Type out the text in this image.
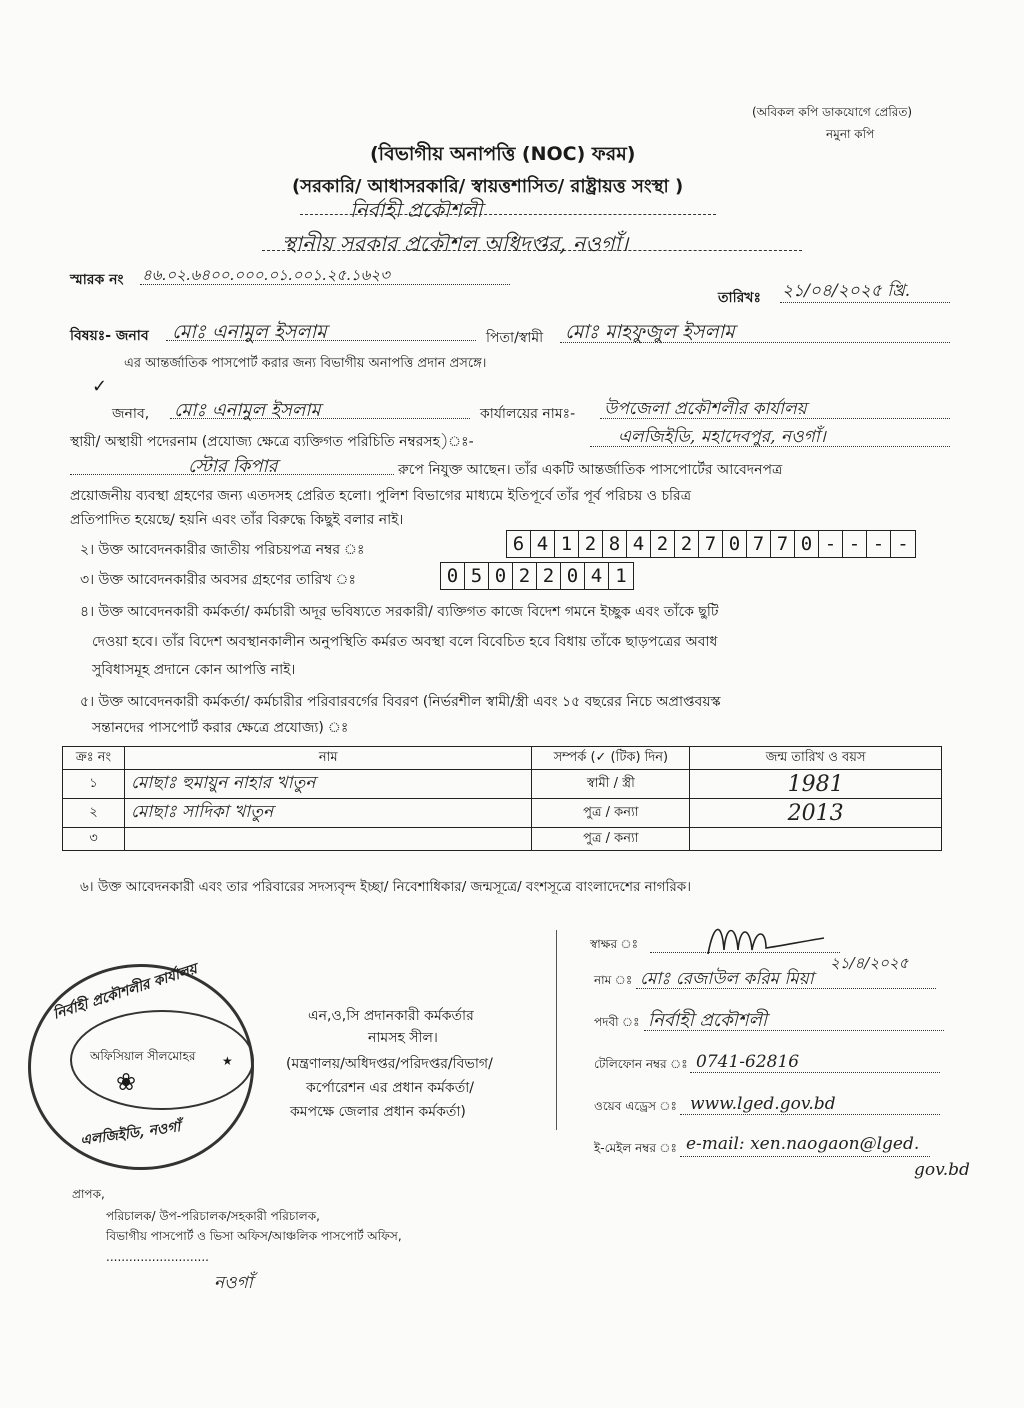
(অবিকল কপি ডাকযোগে প্রেরিত)
নমুনা কপি
(বিভাগীয় অনাপত্তি (NOC) ফরম)
(সরকারি/ আধাসরকারি/ স্বায়ত্তশাসিত/ রাষ্ট্রায়ত্ত সংস্থা )
নির্বাহী প্রকৌশলী
স্থানীয় সরকার প্রকৌশল অধিদপ্তর, নওগাঁ।
স্মারক নং ৪৬.০২.৬৪০০.০০০.০১.০০১.২৫.১৬২৩
তারিখঃ ২১/০৪/২০২৫ খ্রি.
বিষয়ঃ- জনাব মোঃ এনামুল ইসলাম	পিতা/স্বামী মোঃ মাহফুজুল ইসলাম
এর আন্তর্জাতিক পাসপোর্ট করার জন্য বিভাগীয় অনাপত্তি প্রদান প্রসঙ্গে।
✓
জনাব, মোঃ এনামুল ইসলাম	কার্যালয়ের নামঃ- উপজেলা প্রকৌশলীর কার্যালয়
স্থায়ী/ অস্থায়ী পদেরনাম (প্রযোজ্য ক্ষেত্রে ব্যক্তিগত পরিচিতি নম্বরসহ)ঃ-	এলজিইডি, মহাদেবপুর, নওগাঁ।
স্টোর কিপার	রুপে নিযুক্ত আছেন। তাঁর একটি আন্তর্জাতিক পাসপোর্টের আবেদনপত্র
প্রয়োজনীয় ব্যবস্থা গ্রহণের জন্য এতদসহ প্রেরিত হলো। পুলিশ বিভাগের মাধ্যমে ইতিপূর্বে তাঁর পূর্ব পরিচয় ও চরিত্র
প্রতিপাদিত হয়েছে/ হয়নি এবং তাঁর বিরুদ্ধে কিছুই বলার নাই।
২। উক্ত আবেদনকারীর জাতীয় পরিচয়পত্র নম্বর ঃ	6 4 1 2 8 4 2 2 7 0 7 7 0 - - - -
৩। উক্ত আবেদনকারীর অবসর গ্রহণের তারিখ ঃ	0 5 0 2 2 0 4 1
৪। উক্ত আবেদনকারী কর্মকর্তা/ কর্মচারী অদূর ভবিষ্যতে সরকারী/ ব্যক্তিগত কাজে বিদেশ গমনে ইচ্ছুক এবং তাঁকে ছুটি
দেওয়া হবে। তাঁর বিদেশ অবস্থানকালীন অনুপস্থিতি কর্মরত অবস্থা বলে বিবেচিত হবে বিধায় তাঁকে ছাড়পত্রের অবাধ
সুবিধাসমূহ প্রদানে কোন আপত্তি নাই।
৫। উক্ত আবেদনকারী কর্মকর্তা/ কর্মচারীর পরিবারবর্গের বিবরণ (নির্ভরশীল স্বামী/স্ত্রী এবং ১৫ বছরের নিচে অপ্রাপ্তবয়স্ক
সন্তানদের পাসপোর্ট করার ক্ষেত্রে প্রযোজ্য) ঃ
ক্রঃ নং	নাম	সম্পর্ক (✓ (টিক) দিন)	জন্ম তারিখ ও বয়স
১	মোছাঃ হুমায়ুন নাহার খাতুন	স্বামী / স্ত্রী	1981
২	মোছাঃ সাদিকা খাতুন	পুত্র / কন্যা	2013
৩		পুত্র / কন্যা	
৬। উক্ত আবেদনকারী এবং তার পরিবারের সদস্যবৃন্দ ইচ্ছা/ নিবেশাধিকার/ জন্মসূত্রে/ বংশসূত্রে বাংলাদেশের নাগরিক।
স্বাক্ষর ঃ
২১/৪/২০২৫
নাম ঃ মোঃ রেজাউল করিম মিয়া
পদবী ঃ নির্বাহী প্রকৌশলী
টেলিফোন নম্বর ঃ 0741-62816
ওয়েব এড্রেস ঃ www.lged.gov.bd
ই-মেইল নম্বর ঃ e-mail: xen.naogaon@lged.
gov.bd
নির্বাহী প্রকৌশলীর কার্যালয়
অফিসিয়াল সীলমোহর
❀
★
এলজিইডি, নওগাঁ
এন,ও,সি প্রদানকারী কর্মকর্তার
নামসহ সীল।
(মন্ত্রণালয়/অধিদপ্তর/পরিদপ্তর/বিভাগ/
কর্পোরেশন এর প্রধান কর্মকর্তা/
কমপক্ষে জেলার প্রধান কর্মকর্তা)
প্রাপক,
পরিচালক/ উপ-পরিচালক/সহকারী পরিচালক,
বিভাগীয় পাসপোর্ট ও ভিসা অফিস/আঞ্চলিক পাসপোর্ট অফিস,
...........................
নওগাঁ
